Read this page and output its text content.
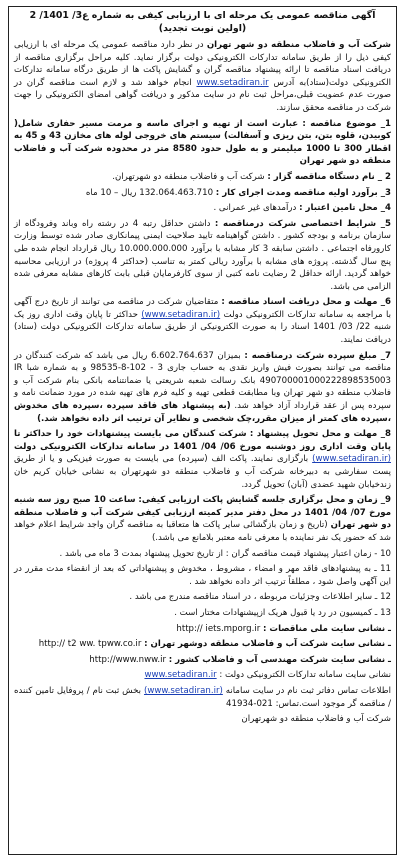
آگهی مناقصه عمومی یک مرحله ای با ارزیابی کیفی به شماره ع3/ 1401/ 2 (اولین نوبت تجدید)

شرکت آب و فاضلاب منطقه دو شهر تهران در نظر دارد مناقصه عمومی یک مرحله ای با ارزیابی کیفی ذیل را از طریق سامانه تدارکات الکترونیکی دولت برگزار نماید. کلیه مراحل برگزاری مناقصه از دریافت اسناد مناقصه تا ارائه پیشنهاد مناقصه گران و گشایش پاکت ها از طریق درگاه سامانه تدارکات الکترونیکی دولت(ستاد)به آدرس www.setadiran.ir انجام خواهد شد و لازم است مناقصه گران در صورت عدم عضویت قبلی،مراحل ثبت نام در سایت مذکور و دریافت گواهی امضای الکترونیکی را جهت شرکت در مناقصه محقق سازند.

1_ موضوع مناقصه : عبارت است از تهیه و اجرای ماسه و مرمت مسیر حفاری شامل( کوبیدن، قلوه بتن، بتن ریزی و آسفالت) سیستم های خروجی لوله های مخازن 43 و 45 به اقطار 300 تا 1000 میلیمتر و به طول حدود 8580 متر در محدوده شرکت آب و فاضلاب منطقه دو شهر تهران

2 _ نام دستگاه مناقصه گزار : شرکت آب و فاضلاب منطقه دو شهرتهران.

3_ برآورد اولیه مناقصه ومدت اجرای کار : 132.064.463.710 ریال – 10 ماه

4_ محل تامین اعتبار : درآمدهای غیر عمرانی .

5_ شرایط اختصاصی شرکت درمناقصه : داشتن حداقل رتبه 4 در رشته راه وباند وفرودگاه از سازمان برنامه و بودجه کشور . داشتن گواهینامه تایید صلاحیت ایمنی پیمانکاری صادر شده توسط وزارت کارورفاه اجتماعی . داشتن سابقه 3 کار مشابه با برآورد 10.000.000.000 ریال قرارداد انجام شده طی پنج سال گذشته. پروژه های مشابه با برآورد ریالی کمتر به تناسب (حداکثر 4 پروژه) در ارزیابی محاسبه خواهد گردید. ارائه حداقل 2 رضایت نامه کتبی از سوی کارفرمایان قبلی بابت کارهای مشابه معرفی شده الزامی می باشد.

6_ مهلت و محل دریافت اسناد مناقصه : متقاضیان شرکت در مناقصه می توانند از تاریخ درج آگهی با مراجعه به سامانه تدارکات الکترونیکی دولت (www.setadiran.ir) حداکثر تا پایان وقت اداری روز یک شنبه 22/ 03/ 1401 اسناد را به صورت الکترونیکی از طریق سامانه تدارکات الکترونیکی دولت (ستاد) دریافت نمایند.

7_ مبلغ سپرده شرکت درمناقصه : بمیزان 6.602.764.637 ریال می باشد که شرکت کنندگان در مناقصه می توانند بصورت فیش واریز نقدی به حساب جاری 3 - 102-8-98535 و به شماره شبا IR 490700001000222898535003 بانک رسالت شعبه شریعتی یا ضمانتنامه بانکی بنام شرکت آب و فاضلاب منطقه دو شهر تهران وبا مطابقت قطعی تهیه و کلیه فرم های تهیه شده در مورد ضمانت نامه و سپرده پس از عقد قرارداد آزاد خواهد شد. (به پیشنهاد های فاقد سپرده ،سپرده های مخدوش ،سپرده های کمتر از میزان مقرر،چک شخصی و نظایر آن ترتیب اثر داده نخواهد شد.)

8_ مهلت و محل تحویل پیشنهاد : شرکت کنندگان می بایست پیشنهادات خود را حداکثر تا پایان وقت اداری روز دوشنبه مورخ 06/ 04/ 1401 در سامانه تدارکات الکترونیکی دولت (www.setadiran.ir) بارگزاری نمایند. پاکت الف (سپرده) می بایست به صورت فیزیکی و یا از طریق پست سفارشی به دبیرخانه شرکت آب و فاضلاب منطقه دو شهرتهران به نشانی خیابان کریم خان زندخیابان شهید عضدی (آبان) تحویل گردد.

9_ زمان و محل برگزاری جلسه گشایش پاکت ارزیابی کیفی: ساعت 10 صبح روز سه شنبه مورخ 07/ 04/ 1401 در محل دفتر مدیر کمیته ارزیابی کیفی شرکت آب و فاضلاب منطقه دو شهر تهران (تاریخ و زمان بازگشائی سایر پاکت ها متعاقبا به مناقصه گران واجد شرایط اعلام خواهد شد که حضور یک نفر نماینده با معرفی نامه معتبر بلامانع می باشد.)

10 - زمان اعتبار پیشنهاد قیمت مناقصه گران : از تاریخ تحویل پیشنهاد بمدت 3 ماه می باشد .

11 ـ به پیشنهادهای فاقد مهر و امضاء ، مشروط ، مخدوش و پیشنهاداتی که بعد از انقضاء مدت مقرر در این آگهی واصل شود ، مطلقاً ترتیب اثر داده نخواهد شد .

12 ـ سایر اطلاعات وجزئیات مربوطه ، در اسناد مناقصه مندرج می باشد .

13 ـ کمیسیون در رد یا قبول هریک ازپیشنهادات مختار است .

ـ نشانی سایت ملی مناقصات : http:// iets.mporg.ir

ـ نشانی سایت شرکت آب و فاضلاب منطقه دوشهر تهران : http:// t2 ww. tpww.co.ir

ـ نشانی سایت شرکت مهندسی آب و فاضلاب کشور : http://www.nww.ir

نشانی سایت سامانه تدارکات الکترونیکی دولت : www.setadiran.ir

اطلاعات تماس دفاتر ثبت نام در سایت سامانه (www.setadiran.ir) بخش ثبت نام / پروفایل تامین کننده / مناقصه گر موجود است.تماس: 021-41934

شرکت آب و فاضلاب منطقه دو شهرتهران
